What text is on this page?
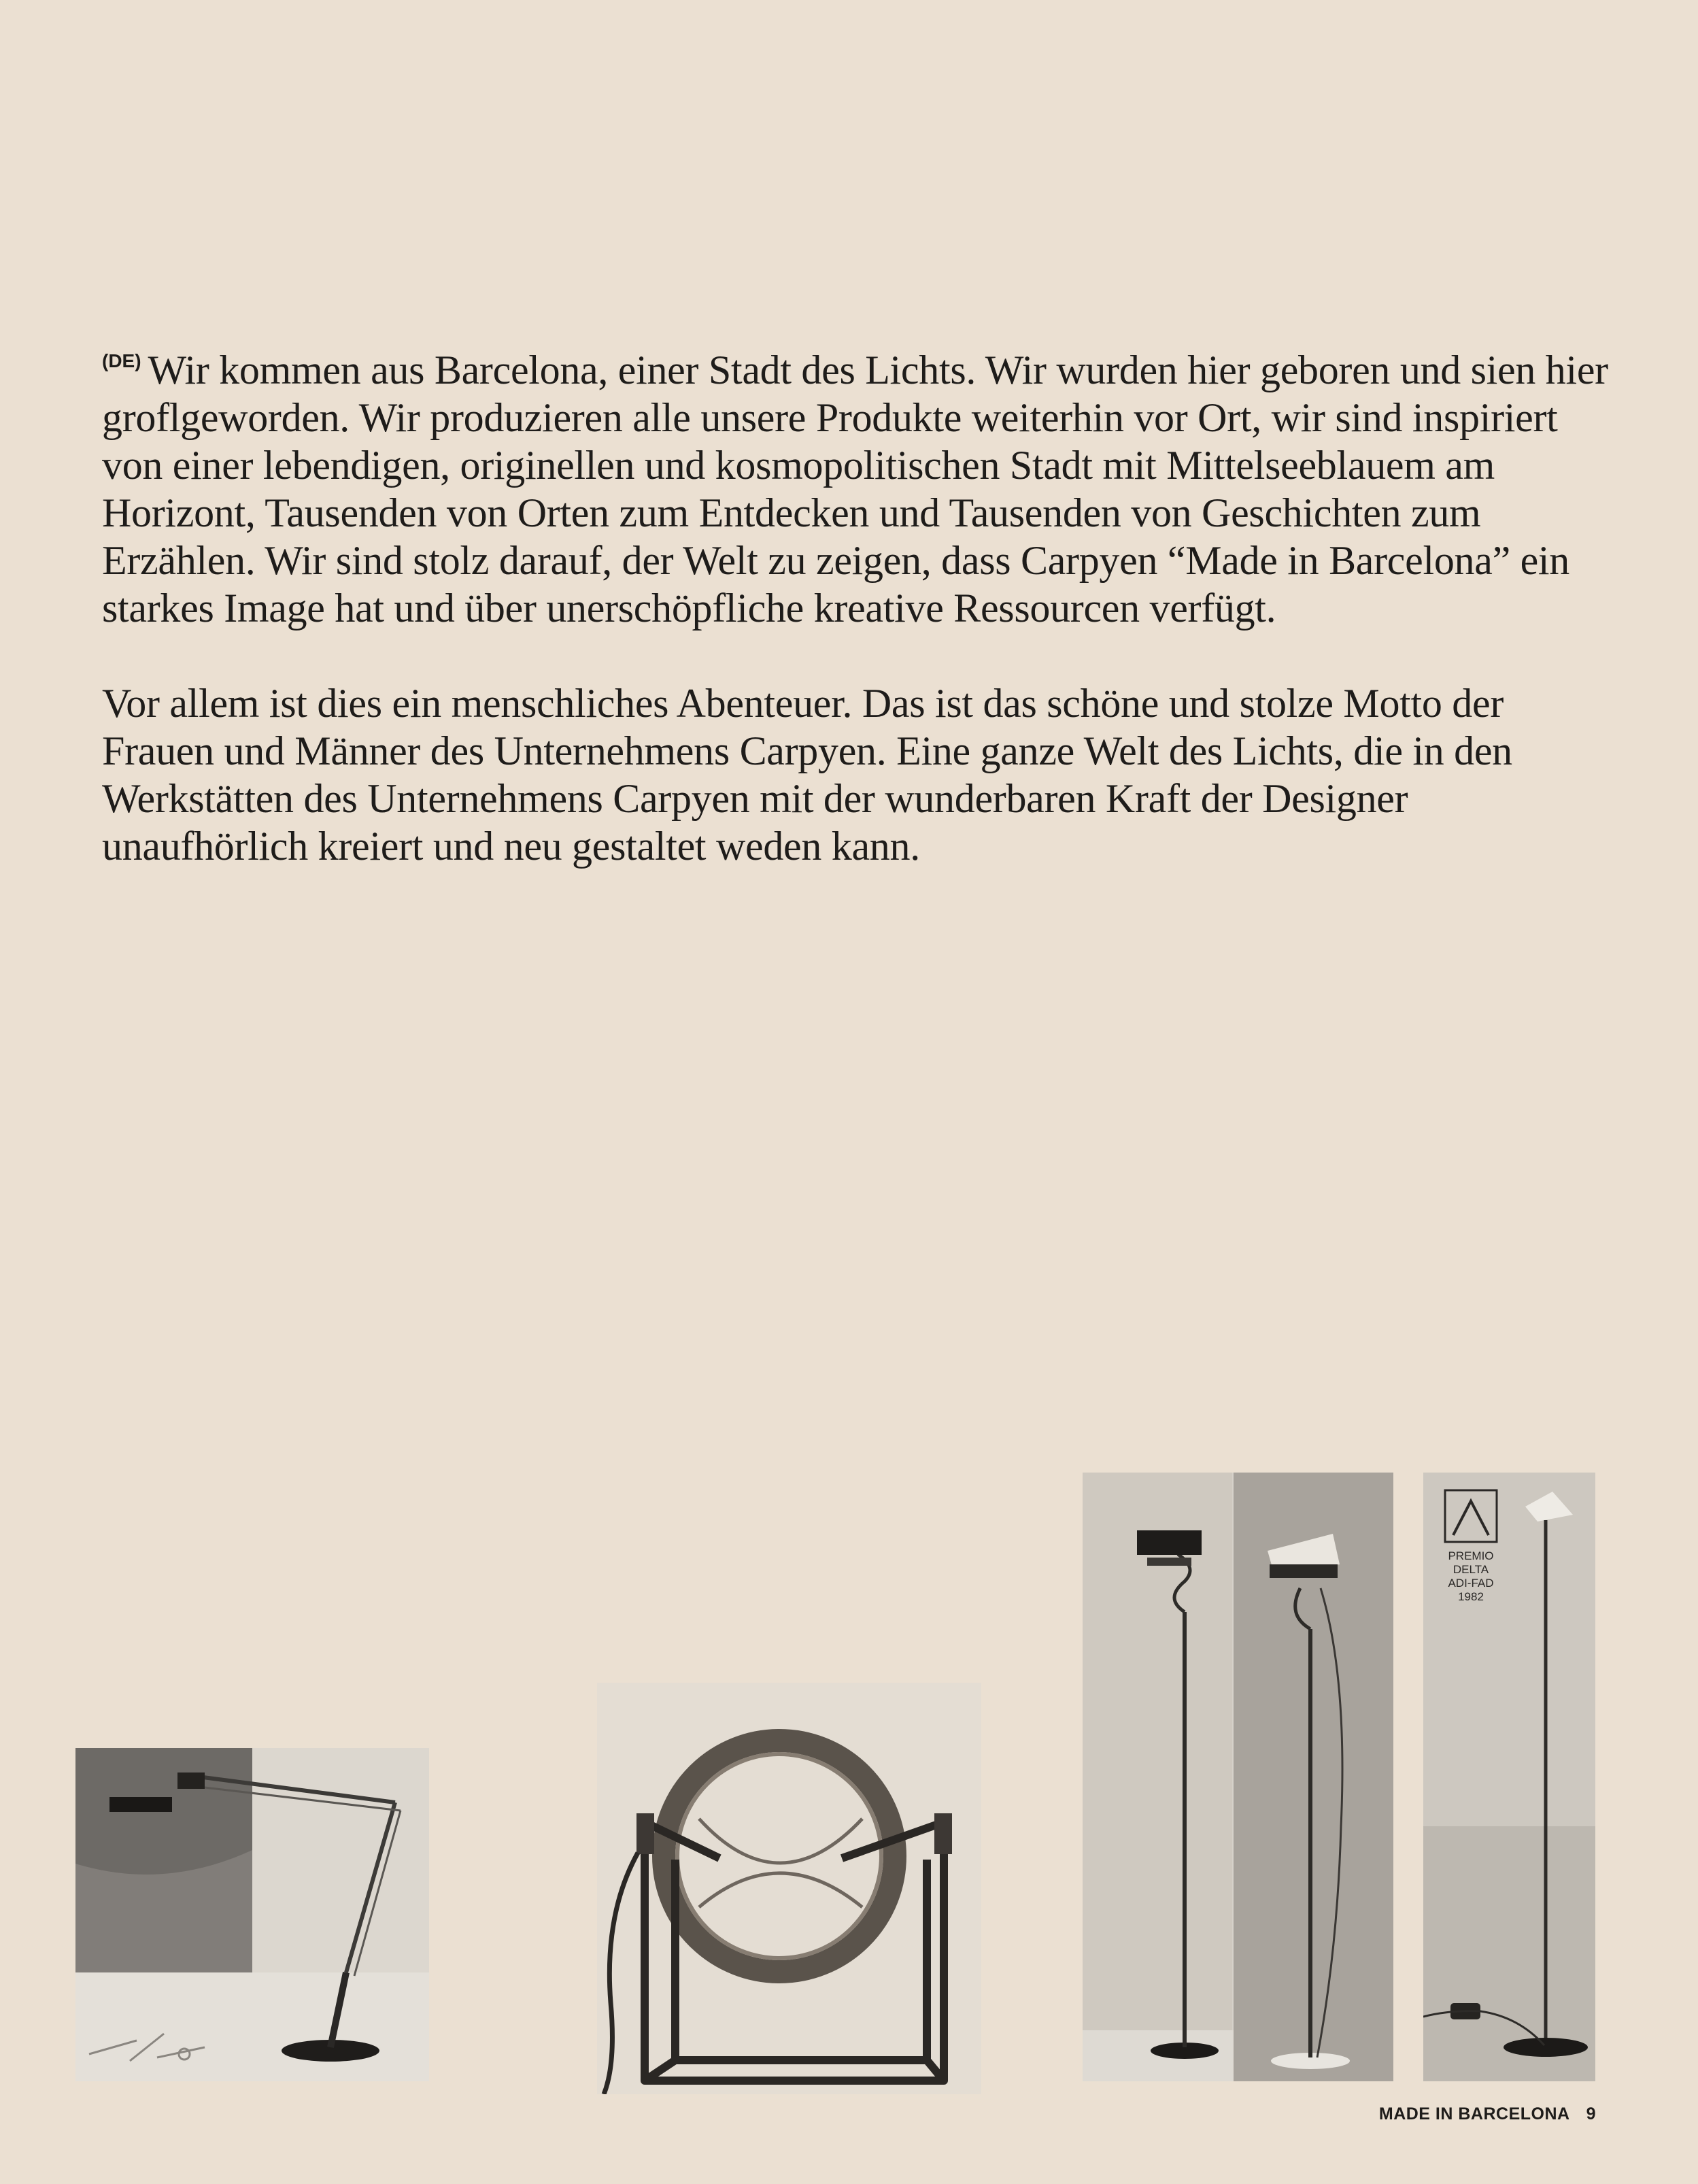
$^{(DE)}$ Wir kommen aus Barcelona, einer Stadt des Lichts. Wir wurden hier geboren und sien hier groflgeworden. Wir produzieren alle unsere Produkte weiterhin vor Ort, wir sind inspiriert von einer lebendigen, originellen und kosmopolitischen Stadt mit Mittelseeblauem am Horizont, Tausenden von Orten zum Entdecken und Tausenden von Geschichten zum Erzählen. Wir sind stolz darauf, der Welt zu zeigen, dass Carpyen “Made in Barcelona” ein starkes Image hat und über unerschöpfliche kreative Ressourcen verfügt.

Vor allem ist dies ein menschliches Abenteuer. Das ist das schöne und stolze Motto der Frauen und Männer des Unternehmens Carpyen. Eine ganze Welt des Lichts, die in den Werkstätten des Unternehmens Carpyen mit der wunderbaren Kraft der Designer unaufhörlich kreiert und neu gestaltet weden kann.

PREMIO
DELTA
ADI-FAD
1982
MADE IN BARCELONA 9
